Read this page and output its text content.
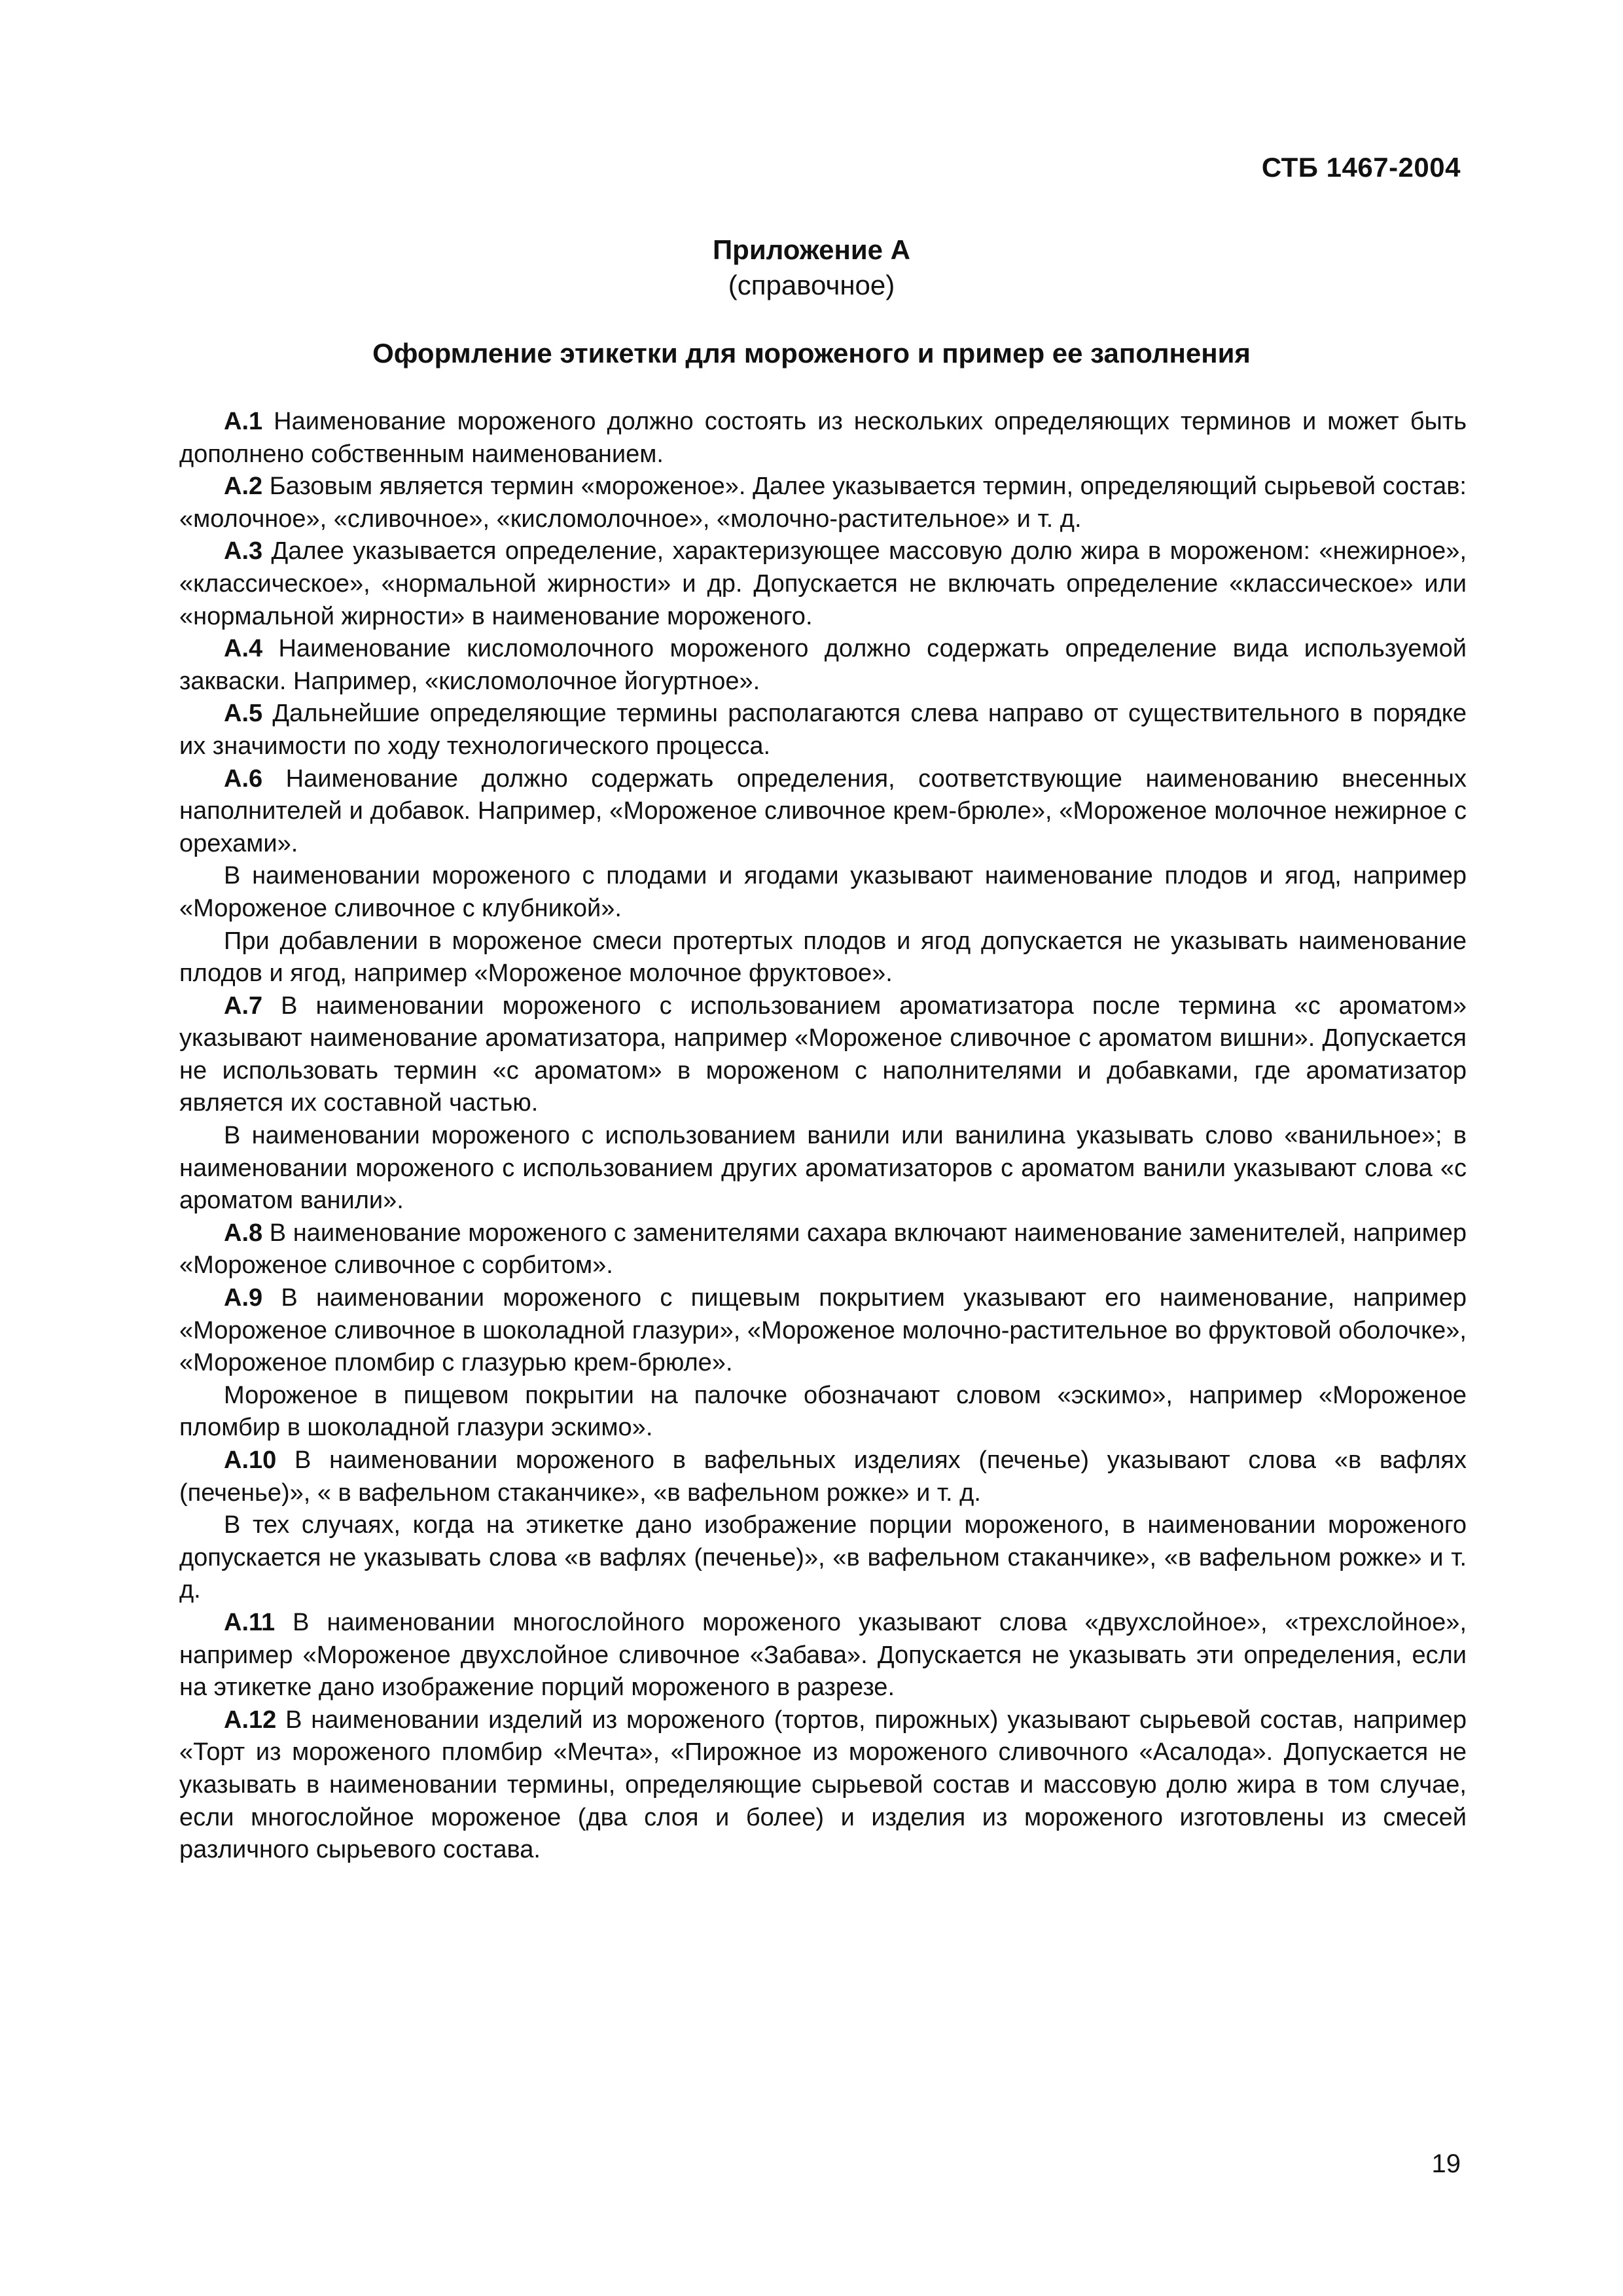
СТБ 1467-2004
Приложение А
(справочное)
Оформление этикетки для мороженого и пример ее заполнения

А.1 Наименование мороженого должно состоять из нескольких определяющих терминов и может быть дополнено собственным наименованием.

А.2 Базовым является термин «мороженое». Далее указывается термин, определяющий сырьевой состав: «молочное», «сливочное», «кисломолочное», «молочно-растительное» и т. д.

А.3 Далее указывается определение, характеризующее массовую долю жира в мороженом: «нежирное», «классическое», «нормальной жирности» и др. Допускается не включать определение «классическое» или «нормальной жирности» в наименование мороженого.

А.4 Наименование кисломолочного мороженого должно содержать определение вида используемой закваски. Например, «кисломолочное йогуртное».

А.5 Дальнейшие определяющие термины располагаются слева направо от существительного в порядке их значимости по ходу технологического процесса.

А.6 Наименование должно содержать определения, соответствующие наименованию внесенных наполнителей и добавок. Например, «Мороженое сливочное крем-брюле», «Мороженое молочное нежирное с орехами».

В наименовании мороженого с плодами и ягодами указывают наименование плодов и ягод, например «Мороженое сливочное с клубникой».

При добавлении в мороженое смеси протертых плодов и ягод допускается не указывать наименование плодов и ягод, например «Мороженое молочное фруктовое».

А.7 В наименовании мороженого с использованием ароматизатора после термина «с ароматом» указывают наименование ароматизатора, например «Мороженое сливочное с ароматом вишни». Допускается не использовать термин «с ароматом» в мороженом с наполнителями и добавками, где ароматизатор является их составной частью.

В наименовании мороженого с использованием ванили или ванилина указывать слово «ванильное»; в наименовании мороженого с использованием других ароматизаторов с ароматом ванили указывают слова «с ароматом ванили».

А.8 В наименование мороженого с заменителями сахара включают наименование заменителей, например «Мороженое сливочное с сорбитом».

А.9 В наименовании мороженого с пищевым покрытием указывают его наименование, например «Мороженое сливочное в шоколадной глазури», «Мороженое молочно-растительное во фруктовой оболочке», «Мороженое пломбир с глазурью крем-брюле».

Мороженое в пищевом покрытии на палочке обозначают словом «эскимо», например «Мороженое пломбир в шоколадной глазури эскимо».

А.10 В наименовании мороженого в вафельных изделиях (печенье) указывают слова «в вафлях (печенье)», « в вафельном стаканчике», «в вафельном рожке» и т. д.

В тех случаях, когда на этикетке дано изображение порции мороженого, в наименовании мороженого допускается не указывать слова «в вафлях (печенье)», «в вафельном стаканчике», «в вафельном рожке» и т. д.

А.11 В наименовании многослойного мороженого указывают слова «двухслойное», «трехслойное», например «Мороженое двухслойное сливочное «Забава». Допускается не указывать эти определения, если на этикетке дано изображение порций мороженого в разрезе.

А.12 В наименовании изделий из мороженого (тортов, пирожных) указывают сырьевой состав, например «Торт из мороженого пломбир «Мечта», «Пирожное из мороженого сливочного «Асалода». Допускается не указывать в наименовании термины, определяющие сырьевой состав и массовую долю жира в том случае, если многослойное мороженое (два слоя и более) и изделия из мороженого изготовлены из смесей различного сырьевого состава.

19
